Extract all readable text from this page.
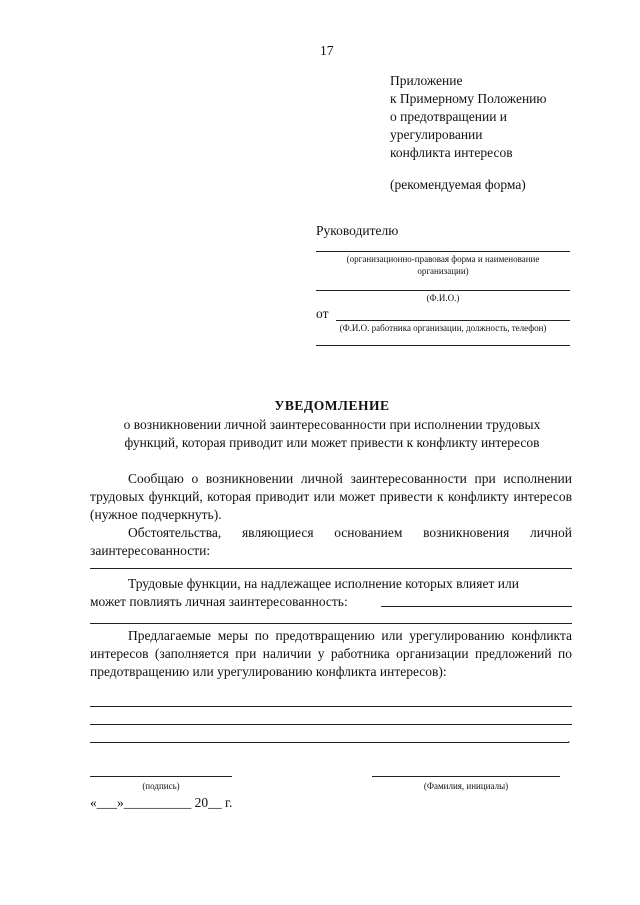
17
Приложение
к Примерному Положению
о предотвращении и
урегулировании
конфликта интересов
(рекомендуемая форма)
Руководителю
(организационно-правовая форма и наименование
организации)
(Ф.И.О.)
от
(Ф.И.О. работника организации, должность, телефон)
УВЕДОМЛЕНИЕ
о возникновении личной заинтересованности при исполнении трудовых
функций, которая приводит или может привести к конфликту интересов
Сообщаю о возникновении личной заинтересованности при исполнении трудовых функций, которая приводит или может привести к конфликту интересов (нужное подчеркнуть).
Обстоятельства, являющиеся основанием возникновения личной заинтересованности:
Трудовые функции, на надлежащее исполнение которых влияет или
может повлиять личная заинтересованность:
Предлагаемые меры по предотвращению или урегулированию конфликта интересов (заполняется при наличии у работника организации предложений по предотвращению или урегулированию конфликта интересов):
.
(подпись)	(Фамилия, инициалы)
«___»__________ 20__ г.
